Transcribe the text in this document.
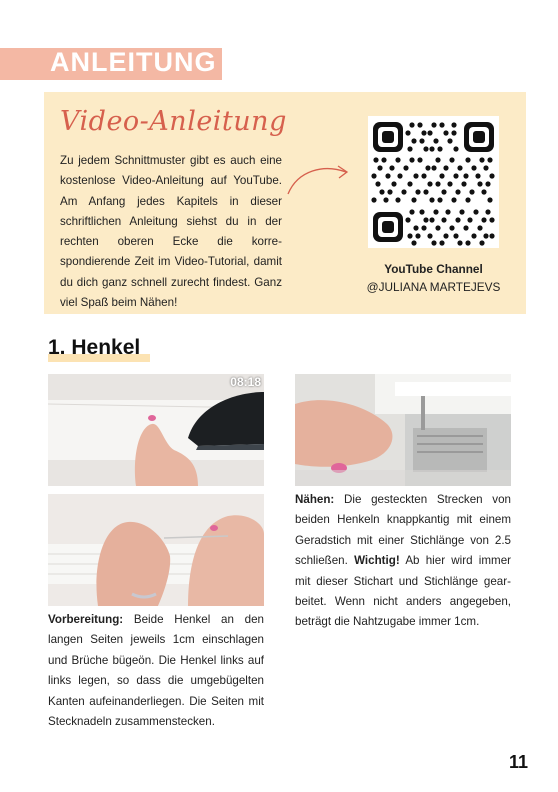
ANLEITUNG
Video-Anleitung
Zu jedem Schnittmuster gibt es auch eine kostenlose Video-Anleitung auf YouTube. Am Anfang jedes Kapitels in dieser schriftlichen Anleitung siehst du in der rechten oberen Ecke die korrespondierende Zeit im Video-Tutorial, damit du dich ganz schnell zurecht findest. Ganz viel Spaß beim Nähen!
YouTube Channel
@JULIANA MARTEJEVS
1. Henkel
08:18
Vorbereitung: Beide Henkel an den langen Seiten jeweils 1cm einschlagen und Brüche bügeön. Die Henkel links auf links legen, so dass die umgebügelten Kanten aufeinanderliegen. Die Seiten mit Stecknadeln zusammenstecken.
Nähen: Die gesteckten Strecken von beiden Henkeln knappkantig mit einem Geradstich mit einer Stichlänge von 2.5 schließen. Wichtig! Ab hier wird immer mit dieser Stichart und Stichlänge gearbeitet. Wenn nicht anders angegeben, beträgt die Nahtzugabe immer 1cm.
11
